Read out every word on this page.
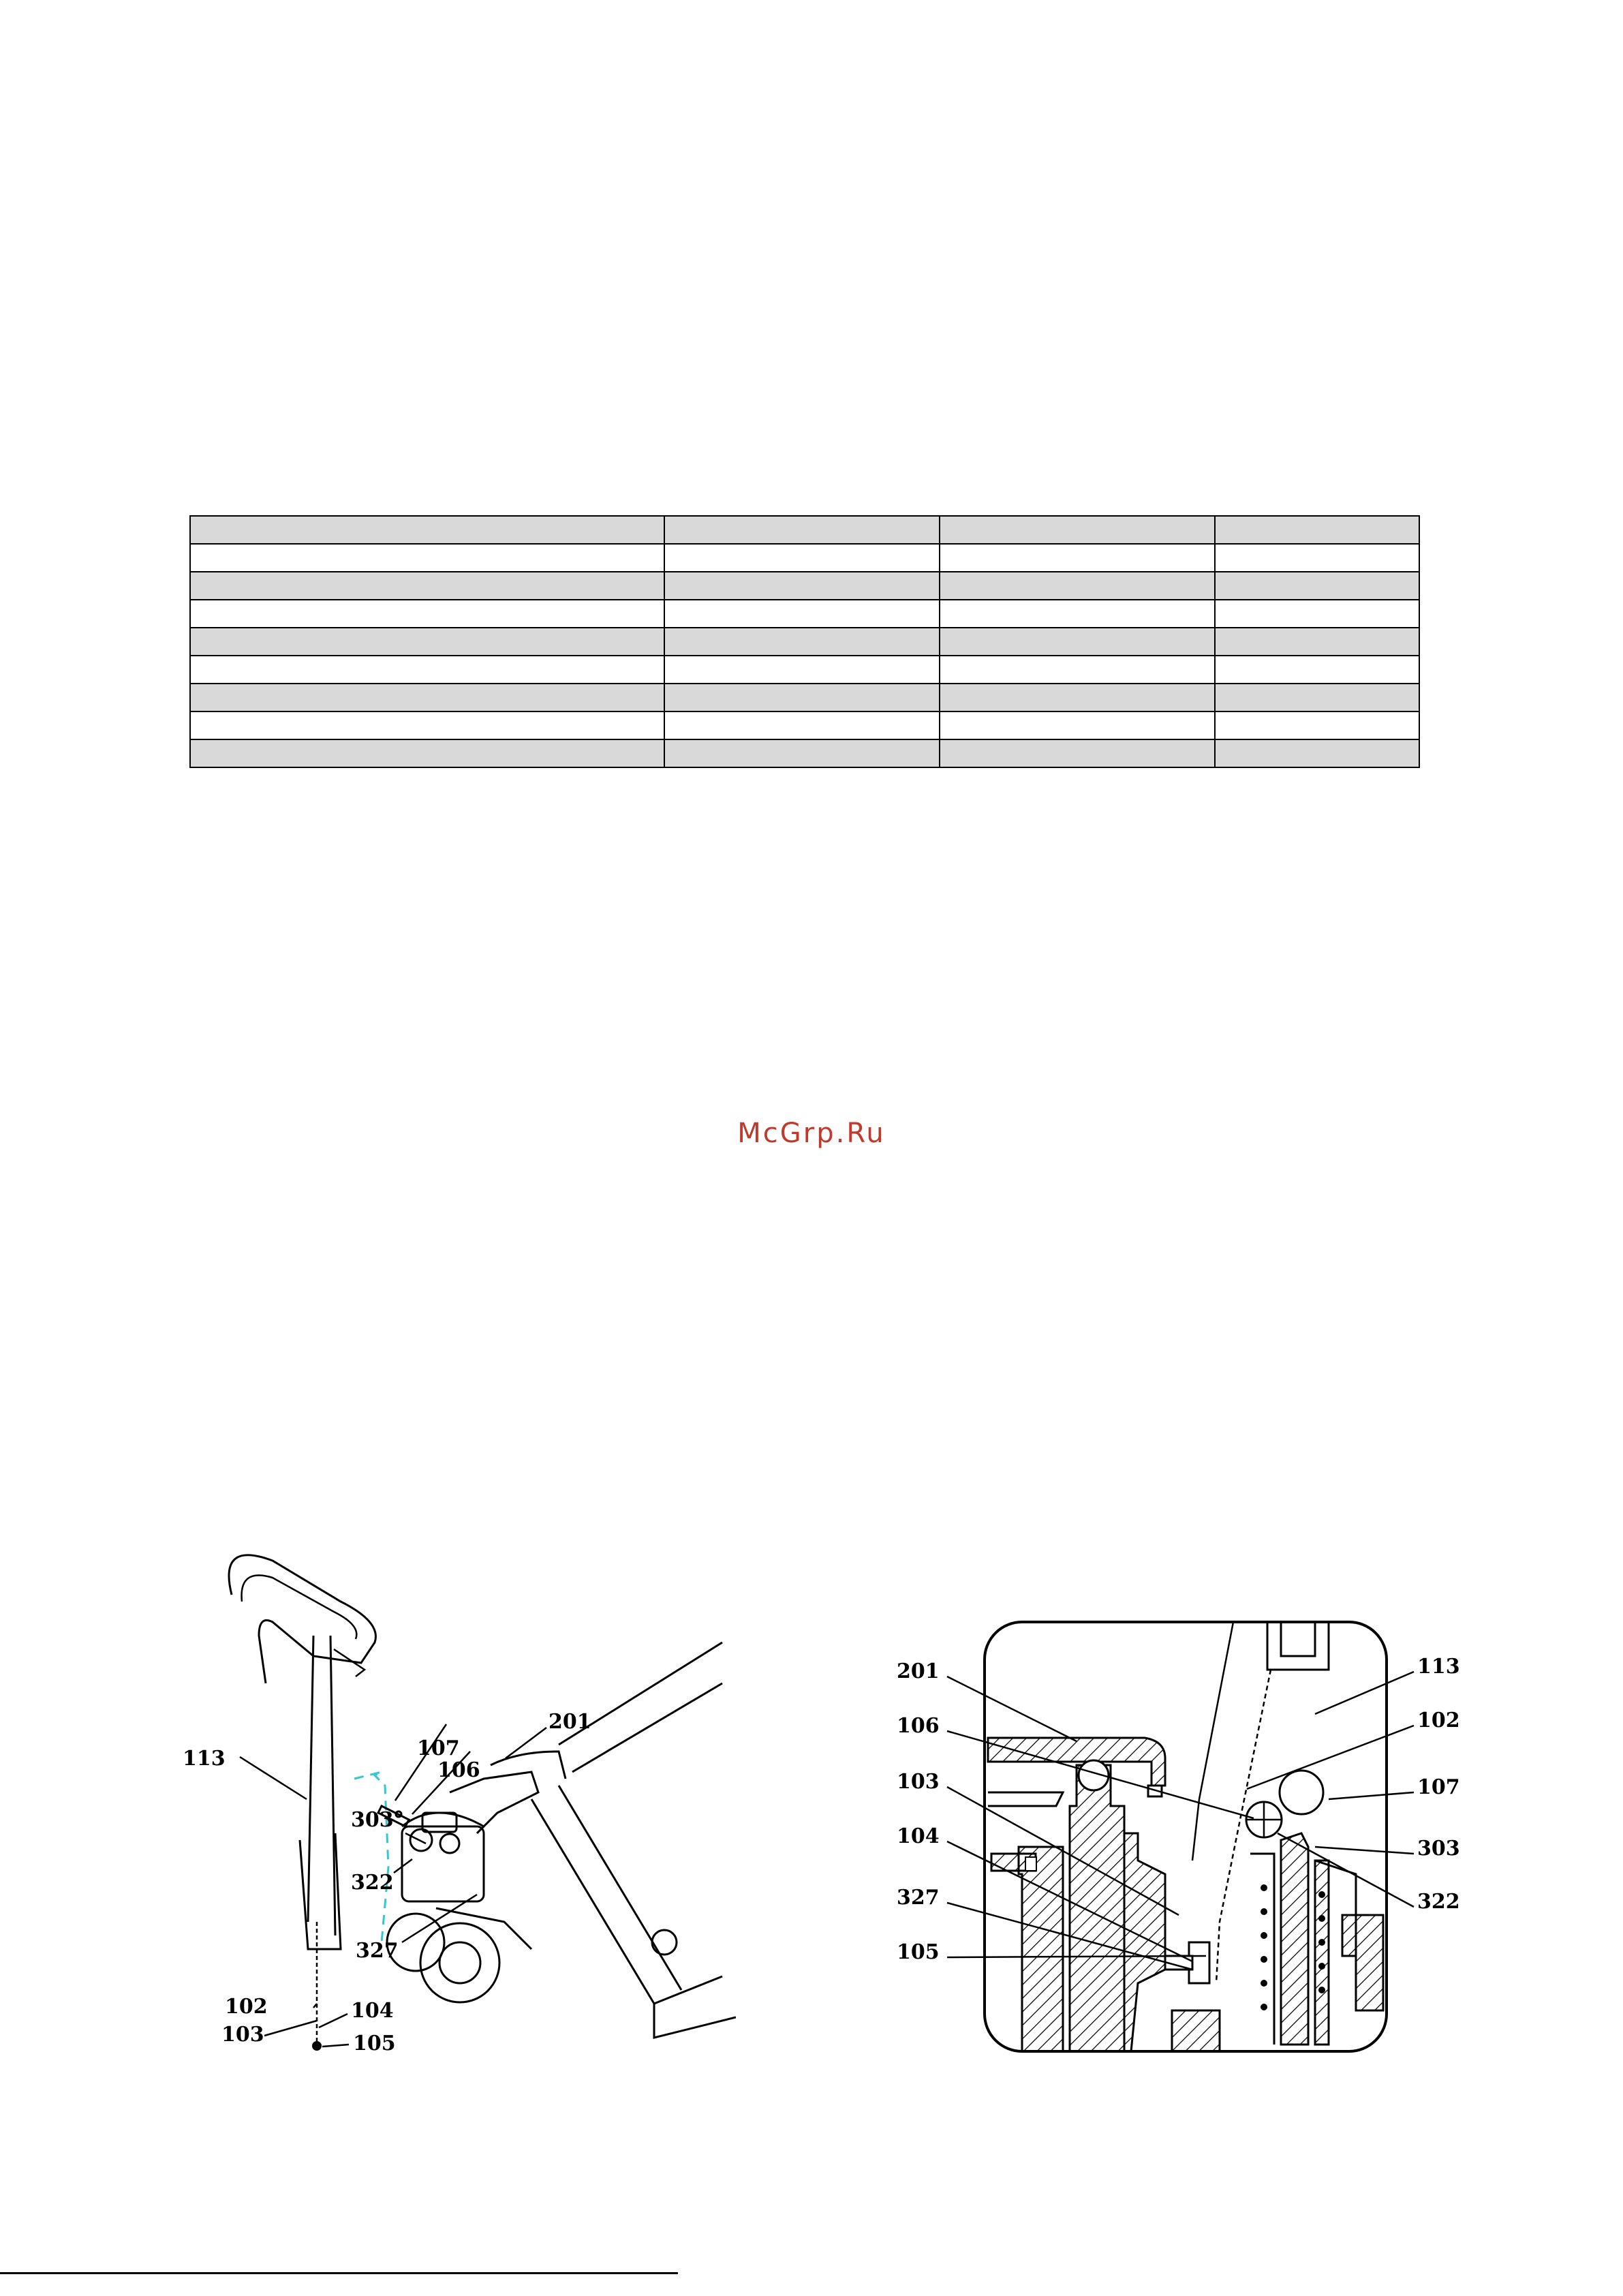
McGrp.Ru
113
201
107
106
303
322
327
102
103
104
105
201
106
103
104
327
105
113
102
107
303
322
